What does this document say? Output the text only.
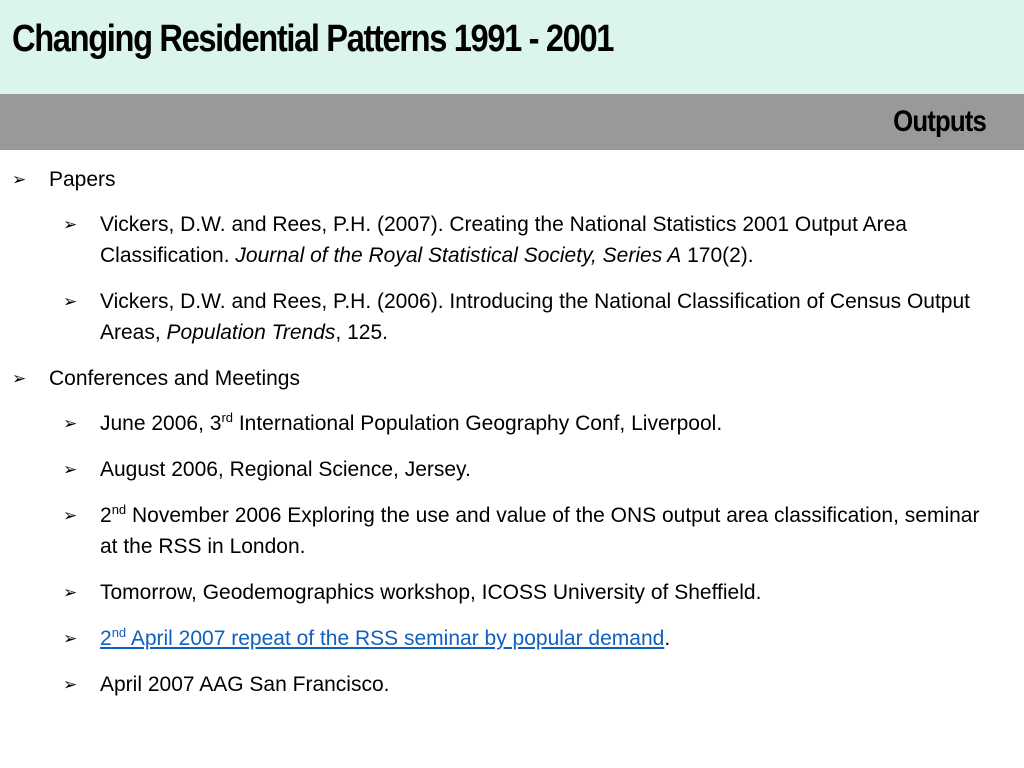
Changing Residential Patterns 1991 - 2001
Outputs
➢ Papers
➢ Vickers, D.W. and Rees, P.H. (2007). Creating the National Statistics 2001 Output Area Classification. Journal of the Royal Statistical Society, Series A 170(2).
➢ Vickers, D.W. and Rees, P.H. (2006). Introducing the National Classification of Census Output Areas, Population Trends, 125.
➢ Conferences and Meetings
➢ June 2006, 3rd International Population Geography Conf, Liverpool.
➢ August 2006, Regional Science, Jersey.
➢ 2nd November 2006 Exploring the use and value of the ONS output area classification, seminar at the RSS in London.
➢ Tomorrow, Geodemographics workshop, ICOSS University of Sheffield.
➢ 2nd April 2007 repeat of the RSS seminar by popular demand.
➢ April 2007 AAG San Francisco.
